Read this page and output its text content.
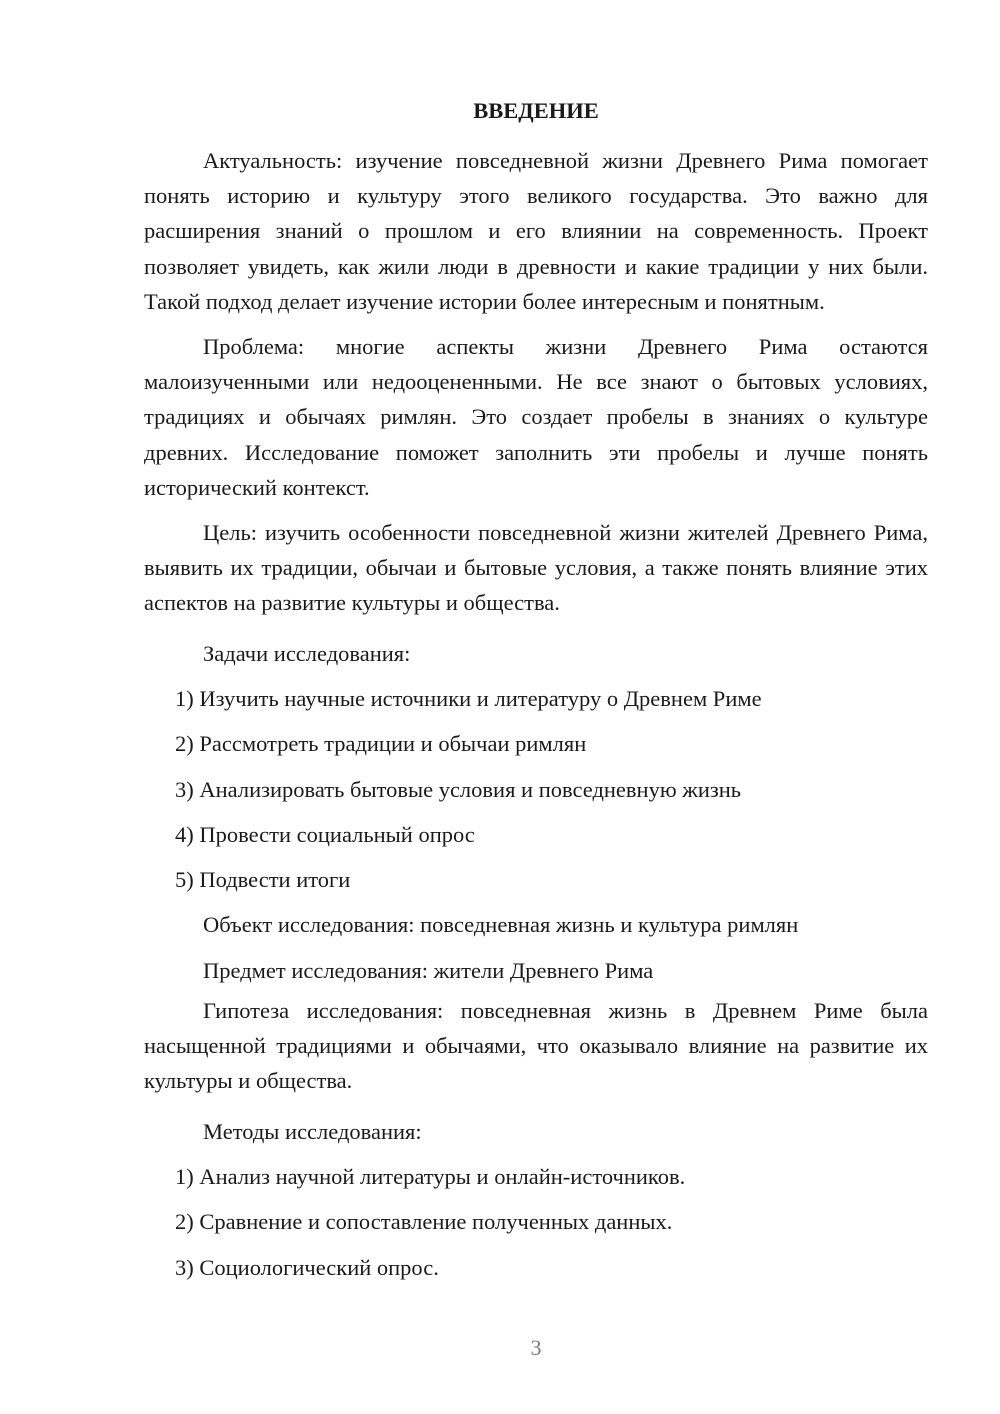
ВВЕДЕНИЕ

Актуальность: изучение повседневной жизни Древнего Рима помогает понять историю и культуру этого великого государства. Это важно для расширения знаний о прошлом и его влиянии на современность. Проект позволяет увидеть, как жили люди в древности и какие традиции у них были. Такой подход делает изучение истории более интересным и понятным.

Проблема: многие аспекты жизни Древнего Рима остаются малоизученными или недооцененными. Не все знают о бытовых условиях, традициях и обычаях римлян. Это создает пробелы в знаниях о культуре древних. Исследование поможет заполнить эти пробелы и лучше понять исторический контекст.

Цель: изучить особенности повседневной жизни жителей Древнего Рима, выявить их традиции, обычаи и бытовые условия, а также понять влияние этих аспектов на развитие культуры и общества.

Задачи исследования:
1) Изучить научные источники и литературу о Древнем Риме
2) Рассмотреть традиции и обычаи римлян
3) Анализировать бытовые условия и повседневную жизнь
4) Провести социальный опрос
5) Подвести итоги
Объект исследования: повседневная жизнь и культура римлян
Предмет исследования: жители Древнего Рима

Гипотеза исследования: повседневная жизнь в Древнем Риме была насыщенной традициями и обычаями, что оказывало влияние на развитие их культуры и общества.

Методы исследования:
1) Анализ научной литературы и онлайн-источников.
2) Сравнение и сопоставление полученных данных.
3) Социологический опрос.
3
